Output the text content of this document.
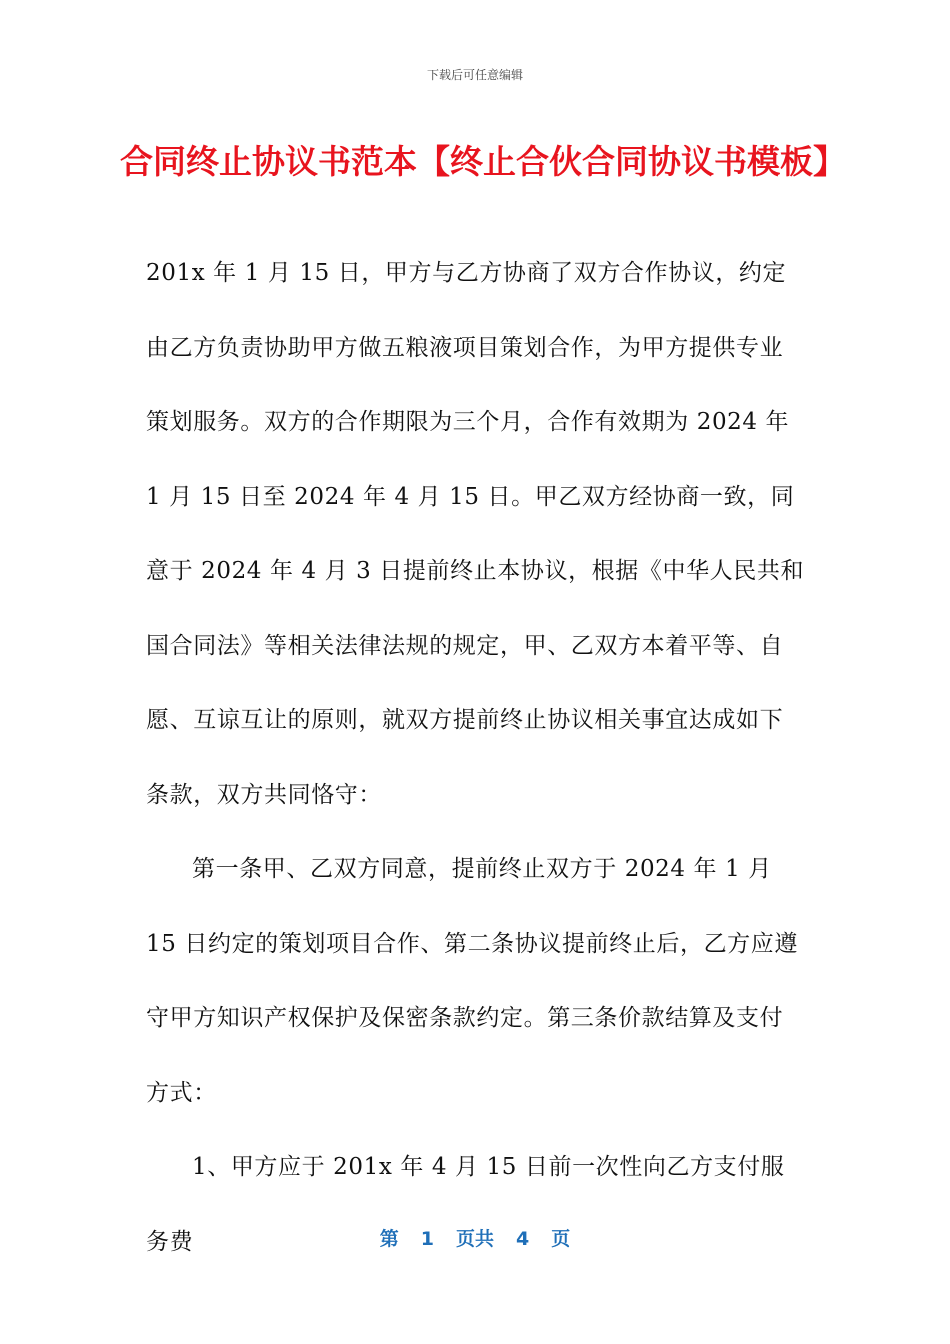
下载后可任意编辑
合同终止协议书范本【终止合伙合同协议书模板】

201x 年 1 月 15 日，甲方与乙方协商了双方合作协议，约定由乙方负责协助甲方做五粮液项目策划合作，为甲方提供专业策划服务。双方的合作期限为三个月，合作有效期为 2024 年 1 月 15 日至 2024 年 4 月 15 日。甲乙双方经协商一致，同意于 2024 年 4 月 3 日提前终止本协议，根据《中华人民共和国合同法》等相关法律法规的规定，甲、乙双方本着平等、自愿、互谅互让的原则，就双方提前终止协议相关事宜达成如下条款，双方共同恪守：

第一条甲、乙双方同意，提前终止双方于 2024 年 1 月 15 日约定的策划项目合作、第二条协议提前终止后，乙方应遵守甲方知识产权保护及保密条款约定。第三条价款结算及支付方式：

1、甲方应于 201x 年 4 月 15 日前一次性向乙方支付服务费	第 1 页共 4 页
